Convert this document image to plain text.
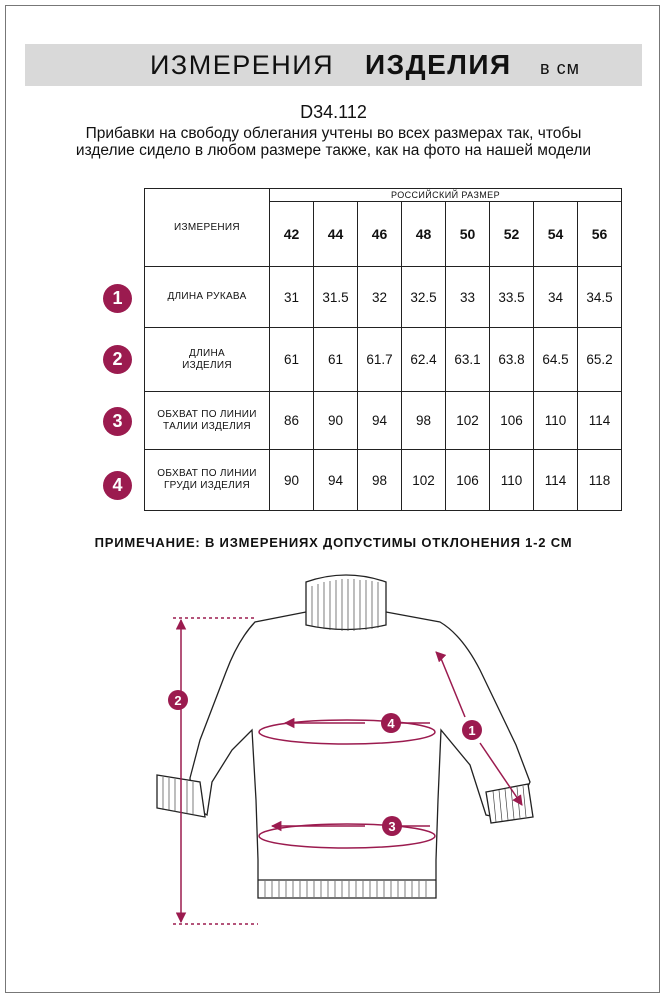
ИЗМЕРЕНИЯ ИЗДЕЛИЯ в см
D34.112
Прибавки на свободу облегания учтены во всех размерах так, чтобы изделие сидело в любом размере также, как на фото на нашей модели
ИЗМЕРЕНИЯ	РОССИЙСКИЙ РАЗМЕР							
	42	44	46	48	50	52	54	56
ДЛИНА РУКАВА	31	31.5	32	32.5	33	33.5	34	34.5
ДЛИНА ИЗДЕЛИЯ	61	61	61.7	62.4	63.1	63.8	64.5	65.2
ОБХВАТ ПО ЛИНИИ ТАЛИИ ИЗДЕЛИЯ	86	90	94	98	102	106	110	114
ОБХВАТ ПО ЛИНИИ ГРУДИ ИЗДЕЛИЯ	90	94	98	102	106	110	114	118
1
2
3
4
ПРИМЕЧАНИЕ: В ИЗМЕРЕНИЯХ ДОПУСТИМЫ ОТКЛОНЕНИЯ 1-2 СМ
2
4
3
1
